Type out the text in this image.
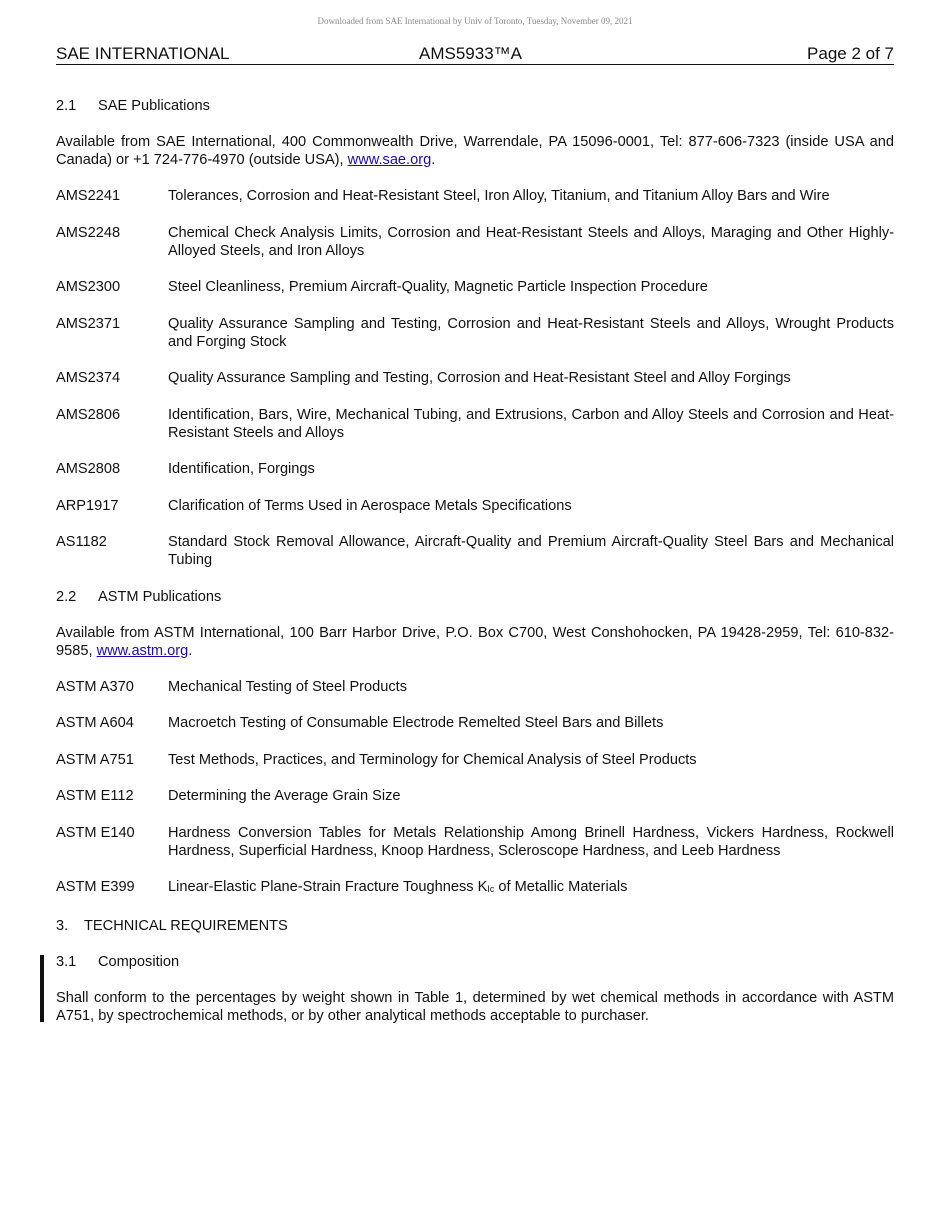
Downloaded from SAE International by Univ of Toronto, Tuesday, November 09, 2021
SAE INTERNATIONAL	AMS5933™A	Page 2 of 7
2.1 SAE Publications

Available from SAE International, 400 Commonwealth Drive, Warrendale, PA 15096-0001, Tel: 877-606-7323 (inside USA and Canada) or +1 724-776-4970 (outside USA), www.sae.org.

AMS2241	Tolerances, Corrosion and Heat-Resistant Steel, Iron Alloy, Titanium, and Titanium Alloy Bars and Wire
AMS2248	Chemical Check Analysis Limits, Corrosion and Heat-Resistant Steels and Alloys, Maraging and Other Highly-Alloyed Steels, and Iron Alloys
AMS2300	Steel Cleanliness, Premium Aircraft-Quality, Magnetic Particle Inspection Procedure
AMS2371	Quality Assurance Sampling and Testing, Corrosion and Heat-Resistant Steels and Alloys, Wrought Products and Forging Stock
AMS2374	Quality Assurance Sampling and Testing, Corrosion and Heat-Resistant Steel and Alloy Forgings
AMS2806	Identification, Bars, Wire, Mechanical Tubing, and Extrusions, Carbon and Alloy Steels and Corrosion and Heat-Resistant Steels and Alloys
AMS2808	Identification, Forgings
ARP1917	Clarification of Terms Used in Aerospace Metals Specifications
AS1182	Standard Stock Removal Allowance, Aircraft-Quality and Premium Aircraft-Quality Steel Bars and Mechanical Tubing
2.2 ASTM Publications

Available from ASTM International, 100 Barr Harbor Drive, P.O. Box C700, West Conshohocken, PA 19428-2959, Tel: 610-832-9585, www.astm.org.

ASTM A370	Mechanical Testing of Steel Products
ASTM A604	Macroetch Testing of Consumable Electrode Remelted Steel Bars and Billets
ASTM A751	Test Methods, Practices, and Terminology for Chemical Analysis of Steel Products
ASTM E112	Determining the Average Grain Size
ASTM E140	Hardness Conversion Tables for Metals Relationship Among Brinell Hardness, Vickers Hardness, Rockwell Hardness, Superficial Hardness, Knoop Hardness, Scleroscope Hardness, and Leeb Hardness
ASTM E399	Linear-Elastic Plane-Strain Fracture Toughness $K_{Ic}$ of Metallic Materials
3. TECHNICAL REQUIREMENTS
3.1 Composition

Shall conform to the percentages by weight shown in Table 1, determined by wet chemical methods in accordance with ASTM A751, by spectrochemical methods, or by other analytical methods acceptable to purchaser.
